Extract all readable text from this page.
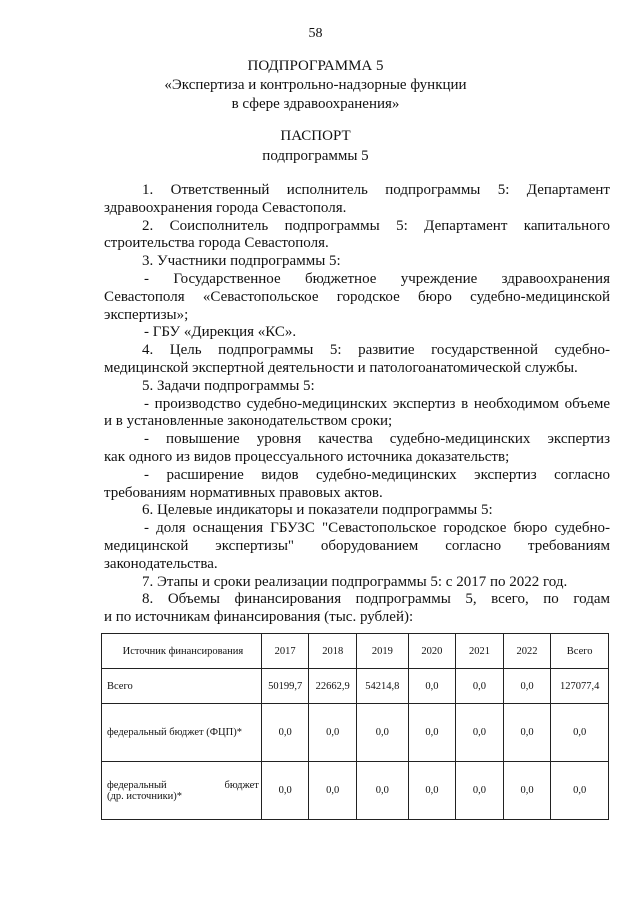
58
ПОДПРОГРАММА 5
«Экспертиза и контрольно-надзорные функции
в сфере здравоохранения»
ПАСПОРТ
подпрограммы 5
1. Ответственный исполнитель подпрограммы 5: Департамент
здравоохранения города Севастополя.
2. Соисполнитель подпрограммы 5: Департамент капитального
строительства города Севастополя.
3. Участники подпрограммы 5:
- Государственное бюджетное учреждение здравоохранения
Севастополя «Севастопольское городское бюро судебно-медицинской
экспертизы»;
- ГБУ «Дирекция «КС».
4. Цель подпрограммы 5: развитие государственной судебно-
медицинской экспертной деятельности и патологоанатомической службы.
5. Задачи подпрограммы 5:
- производство судебно-медицинских экспертиз в необходимом объеме
и в установленные законодательством сроки;
- повышение уровня качества судебно-медицинских экспертиз
как одного из видов процессуального источника доказательств;
- расширение видов судебно-медицинских экспертиз согласно
требованиям нормативных правовых актов.
6. Целевые индикаторы и показатели подпрограммы 5:
- доля оснащения ГБУЗС "Севастопольское городское бюро судебно-
медицинской экспертизы" оборудованием согласно требованиям
законодательства.
7. Этапы и сроки реализации подпрограммы 5: с 2017 по 2022 год.
8. Объемы финансирования подпрограммы 5, всего, по годам
Источник финансирования	2017	2018	2019	2020	2021	2022	Всего
Всего	50199,7	22662,9	54214,8	0,0	0,0	0,0	127077,4
федеральный бюджет (ФЦП)*	0,0	0,0	0,0	0,0	0,0	0,0	0,0

федеральный бюджет
(др. источники)*	0,0	0,0	0,0	0,0	0,0	0,0	0,0
и по источникам финансирования (тыс. рублей):
